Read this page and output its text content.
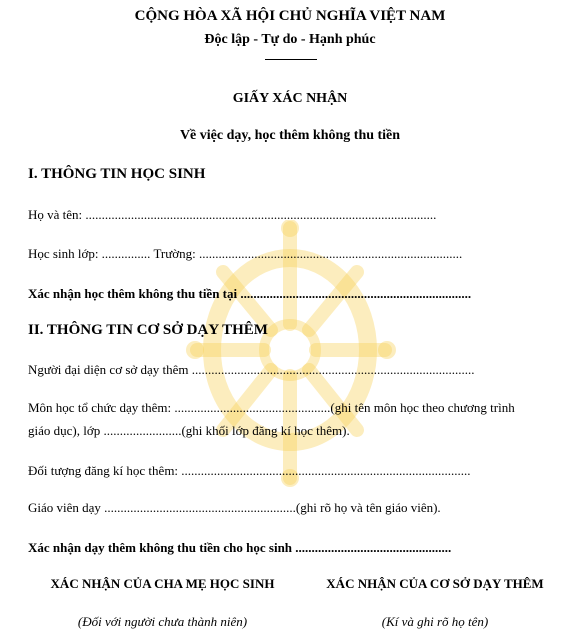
CỘNG HÒA XÃ HỘI CHỦ NGHĨA VIỆT NAM
Độc lập - Tự do - Hạnh phúc
GIẤY XÁC NHẬN
Về việc dạy, học thêm không thu tiền
I. THÔNG TIN HỌC SINH
Họ và tên: ............................................................................................................
Học sinh lớp: ............... Trường: .................................................................................
Xác nhận học thêm không thu tiền tại .......................................................................
II. THÔNG TIN CƠ SỞ DẠY THÊM
Người đại diện cơ sở dạy thêm .......................................................................................
Môn học tổ chức dạy thêm: ................................................(ghi tên môn học theo chương trình
giáo dục), lớp ........................(ghi khối lớp đăng kí học thêm).
Đối tượng đăng kí học thêm: .........................................................................................
Giáo viên dạy ...........................................................(ghi rõ họ và tên giáo viên).
Xác nhận dạy thêm không thu tiền cho học sinh ................................................
XÁC NHẬN CỦA CHA MẸ HỌC SINH	XÁC NHẬN CỦA CƠ SỞ DẠY THÊM
(Đối với người chưa thành niên)	(Kí và ghi rõ họ tên)
